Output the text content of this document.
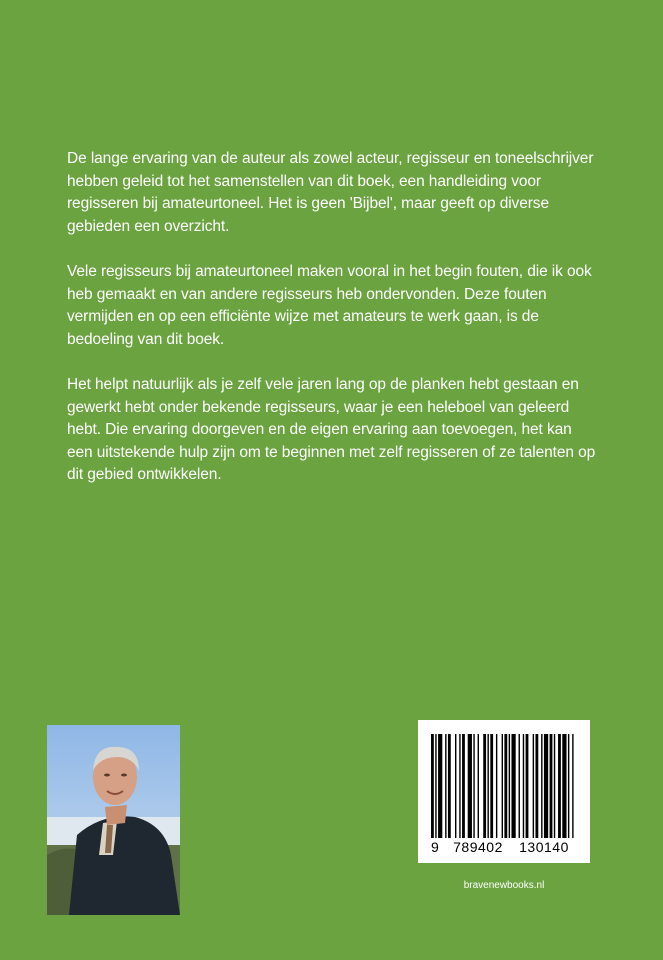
De lange ervaring van de auteur als zowel acteur, regisseur en toneelschrijver hebben geleid tot het samenstellen van dit boek, een handleiding voor regisseren bij amateurtoneel. Het is geen 'Bijbel', maar geeft op diverse gebieden een overzicht.

Vele regisseurs bij amateurtoneel maken vooral in het begin fouten, die ik ook heb gemaakt en van andere regisseurs heb ondervonden. Deze fouten vermijden en op een efficiënte wijze met amateurs te werk gaan, is de bedoeling van dit boek.

Het helpt natuurlijk als je zelf vele jaren lang op de planken hebt gestaan en gewerkt hebt onder bekende regisseurs, waar je een heleboel van geleerd hebt. Die ervaring doorgeven en de eigen ervaring aan toevoegen, het kan een uitstekende hulp zijn om te beginnen met zelf regisseren of ze talenten op dit gebied ontwikkelen.

9 789402	130140
bravenewbooks.nl
